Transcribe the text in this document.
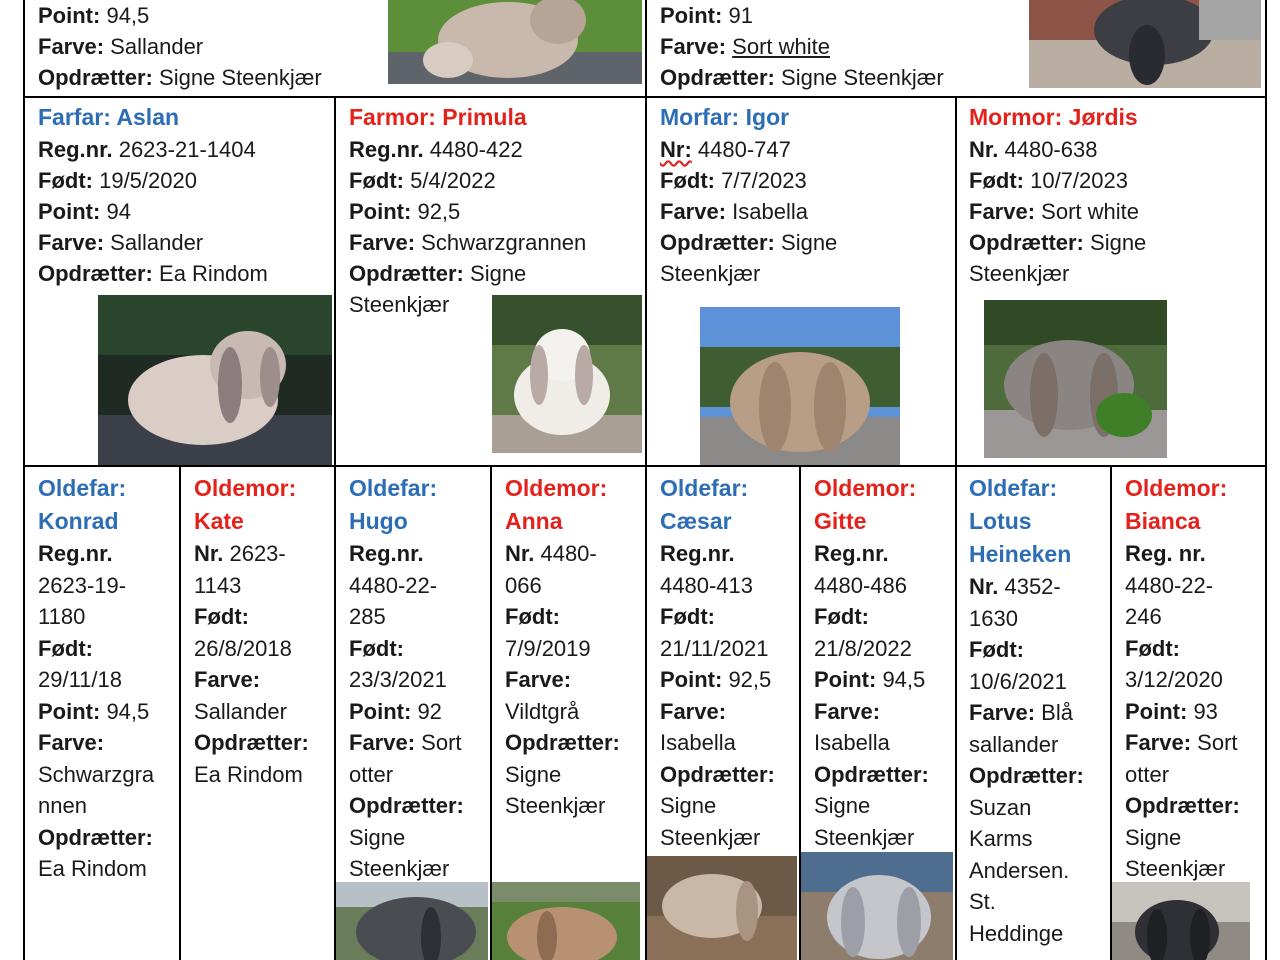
Point: 94,5
Farve: Sallander
Opdrætter: Signe Steenkjær
Point: 91
Farve: Sort white
Opdrætter: Signe Steenkjær
Farfar: Aslan
Reg.nr. 2623-21-1404
Født: 19/5/2020
Point: 94
Farve: Sallander
Opdrætter: Ea Rindom
Farmor: Primula
Reg.nr. 4480-422
Født: 5/4/2022
Point: 92,5
Farve: Schwarzgrannen
Opdrætter: Signe
Steenkjær
Morfar: Igor
Nr: 4480-747
Født: 7/7/2023
Farve: Isabella
Opdrætter: Signe
Steenkjær
Mormor: Jørdis
Nr. 4480-638
Født: 10/7/2023
Farve: Sort white
Opdrætter: Signe
Steenkjær
Oldefar:
Konrad
Reg.nr.
2623-19-
1180
Født:
29/11/18
Point: 94,5
Farve:
Schwarzgra
nnen
Opdrætter:
Ea Rindom
Oldemor:
Kate
Nr. 2623-
1143
Født:
26/8/2018
Farve:
Sallander
Opdrætter:
Ea Rindom
Oldefar:
Hugo
Reg.nr.
4480-22-
285
Født:
23/3/2021
Point: 92
Farve: Sort
otter
Opdrætter:
Signe
Steenkjær
Oldemor:
Anna
Nr. 4480-
066
Født:
7/9/2019
Farve:
Vildtgrå
Opdrætter:
Signe
Steenkjær
Oldefar:
Cæsar
Reg.nr.
4480-413
Født:
21/11/2021
Point: 92,5
Farve:
Isabella
Opdrætter:
Signe
Steenkjær
Oldemor:
Gitte
Reg.nr.
4480-486
Født:
21/8/2022
Point: 94,5
Farve:
Isabella
Opdrætter:
Signe
Steenkjær
Oldefar:
Lotus
Heineken
Nr. 4352-
1630
Født:
10/6/2021
Farve: Blå
sallander
Opdrætter:
Suzan
Karms
Andersen.
St.
Heddinge
Oldemor:
Bianca
Reg. nr.
4480-22-
246
Født:
3/12/2020
Point: 93
Farve: Sort
otter
Opdrætter:
Signe
Steenkjær
